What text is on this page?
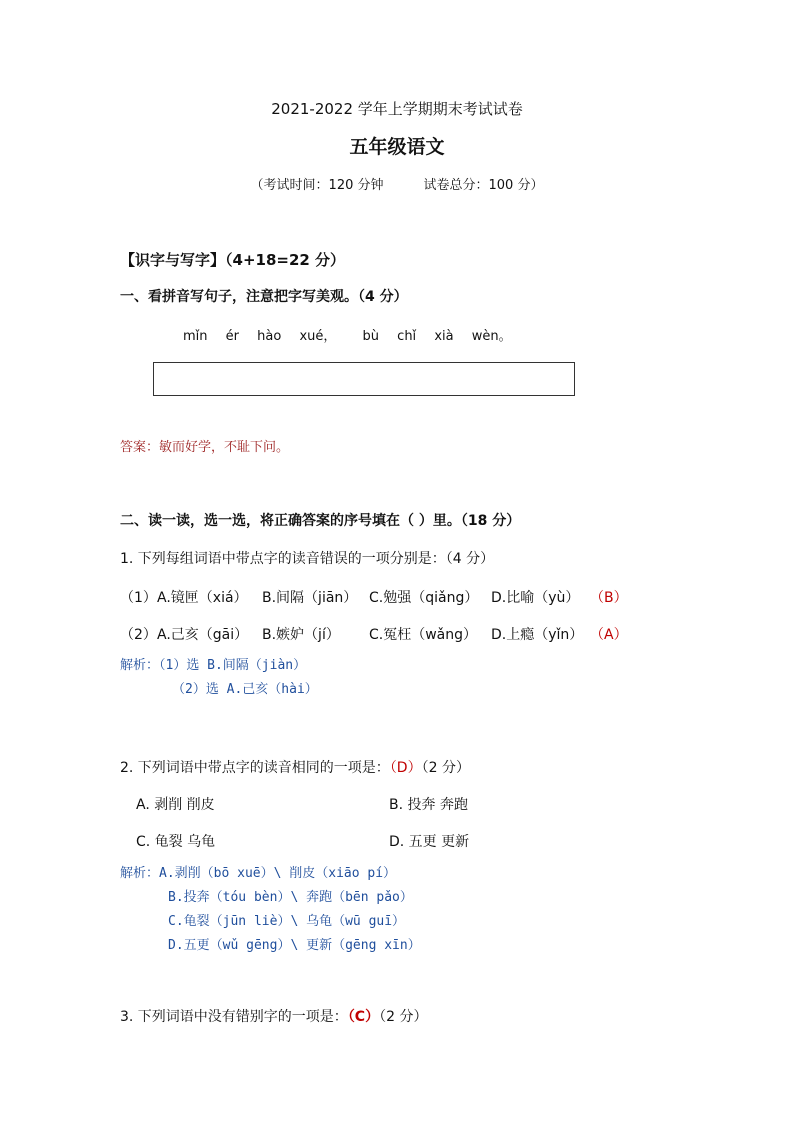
2021-2022 学年上学期期末考试试卷
五年级语文
（考试时间：120 分钟	试卷总分：100 分）
【识字与写字】（4+18=22 分）
一、看拼音写句子，注意把字写美观。（4 分）
mǐn ér hào xué， bù chǐ xià wèn。
答案：敏而好学，不耻下问。
二、读一读，选一选，将正确答案的序号填在（ ）里。（18 分）
1. 下列每组词语中带点字的读音错误的一项分别是：（4 分）
（1） A.镜匣（xiá） B.间隔（jiān） C.勉强（qiǎng） D.比喻（yù） （B）
（2） A.己亥（gāi） B.嫉妒（jí） C.冤枉（wǎng） D.上瘾（yǐn） （A）
解析：（1）选 B.间隔（jiàn）
（2）选 A.己亥（hài）
2. 下列词语中带点字的读音相同的一项是：（D）（2 分）
A. 剥削 削皮	B. 投奔 奔跑
C. 龟裂 乌龟	D. 五更 更新
解析：A.剥削（bō xuē）\ 削皮（xiāo pí）
B.投奔（tóu bèn）\ 奔跑（bēn pǎo）
C.龟裂（jūn liè）\ 乌龟（wū guī）
D.五更（wǔ gēng）\ 更新（gēng xīn）
3. 下列词语中没有错别字的一项是：（C）（2 分）
